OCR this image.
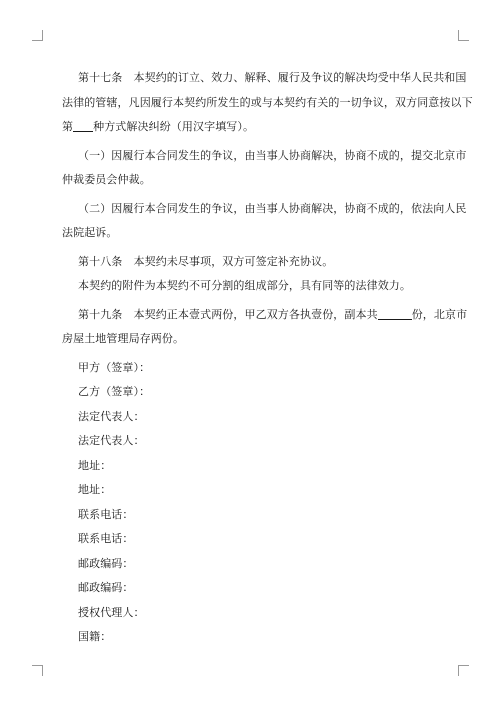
第十七条　本契约的订立、效力、解释、履行及争议的解决均受中华人民共和国
法律的管辖，凡因履行本契约所发生的或与本契约有关的一切争议，双方同意按以下
第 种方式解决纠纷（用汉字填写）。
（一）因履行本合同发生的争议，由当事人协商解决，协商不成的，提交北京市
仲裁委员会仲裁。
（二）因履行本合同发生的争议，由当事人协商解决，协商不成的，依法向人民
法院起诉。
第十八条　本契约未尽事项，双方可签定补充协议。
本契约的附件为本契约不可分割的组成部分，具有同等的法律效力。
第十九条　本契约正本壹式两份，甲乙双方各执壹份，副本共	份，北京市
房屋土地管理局存两份。
甲方（签章）：
乙方（签章）：
法定代表人：
法定代表人：
地址：
地址：
联系电话：
联系电话：
邮政编码：
邮政编码：
授权代理人：
国籍：
